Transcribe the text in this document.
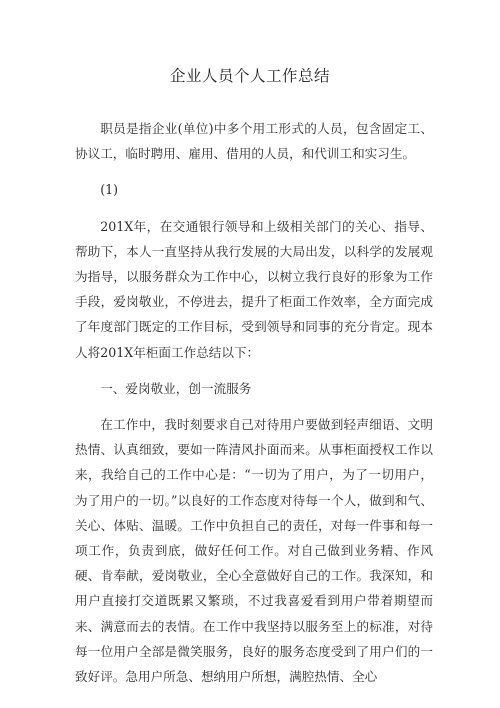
企业人员个人工作总结

职员是指企业(单位)中多个用工形式的人员，包含固定工、协议工，临时聘用、雇用、借用的人员，和代训工和实习生。

(1)

201X年，在交通银行领导和上级相关部门的关心、指导、帮助下，本人一直坚持从我行发展的大局出发，以科学的发展观为指导，以服务群众为工作中心，以树立我行良好的形象为工作手段，爱岗敬业，不停进去，提升了柜面工作效率，全方面完成了年度部门既定的工作目标，受到领导和同事的充分肯定。现本人将201X年柜面工作总结以下：

一、爱岗敬业，创一流服务

在工作中，我时刻要求自己对待用户要做到轻声细语、文明热情、认真细致，要如一阵清风扑面而来。从事柜面授权工作以来，我给自己的工作中心是：“一切为了用户，为了一切用户，为了用户的一切。”以良好的工作态度对待每一个人，做到和气、关心、体贴、温暖。工作中负担自己的责任，对每一件事和每一项工作，负责到底，做好任何工作。对自己做到业务精、作风硬、肯奉献，爱岗敬业，全心全意做好自己的工作。我深知，和用户直接打交道既累又繁琐，不过我喜爱看到用户带着期望而来、满意而去的表情。在工作中我坚持以服务至上的标准，对待每一位用户全部是微笑服务，良好的服务态度受到了用户们的一致好评。急用户所急、想纳用户所想，满腔热情、全心
